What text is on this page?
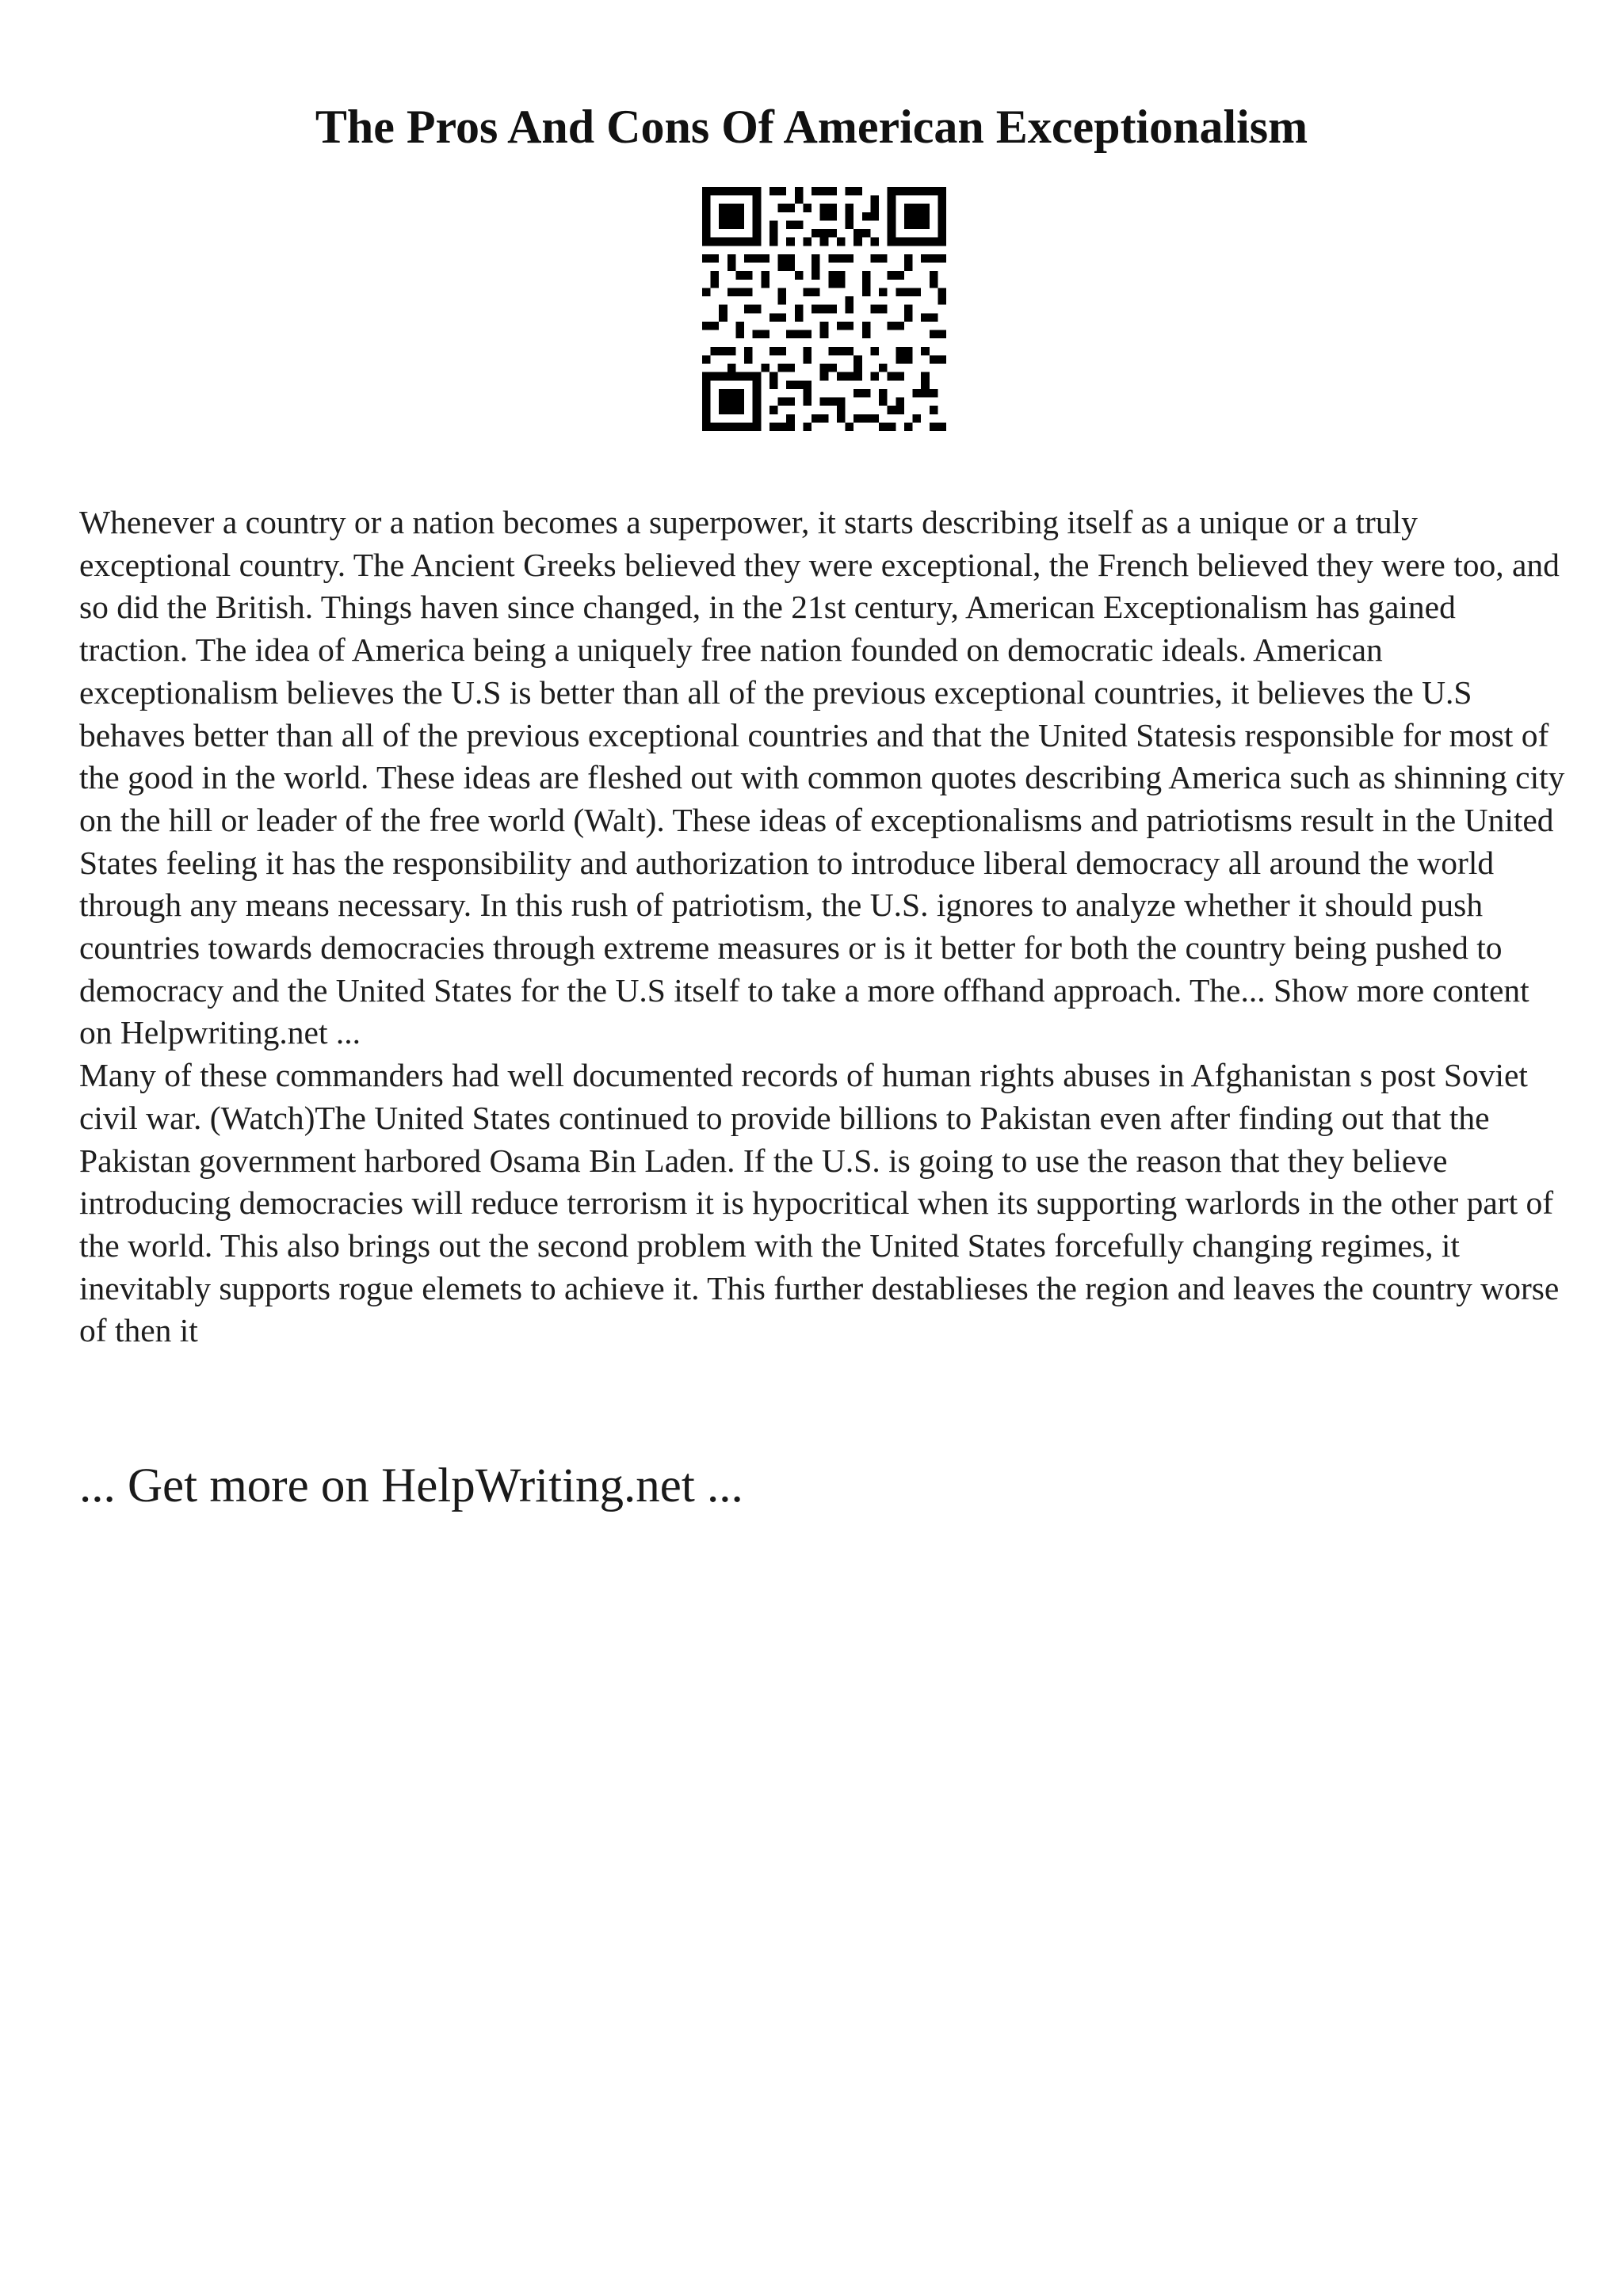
The Pros And Cons Of American Exceptionalism

Whenever a country or a nation becomes a superpower, it starts describing itself as a unique or a truly exceptional country. The Ancient Greeks believed they were exceptional, the French believed they were too, and so did the British. Things haven since changed, in the 21st century, American Exceptionalism has gained traction. The idea of America being a uniquely free nation founded on democratic ideals. American exceptionalism believes the U.S is better than all of the previous exceptional countries, it believes the U.S behaves better than all of the previous exceptional countries and that the United Statesis responsible for most of the good in the world. These ideas are fleshed out with common quotes describing America such as shinning city on the hill or leader of the free world (Walt). These ideas of exceptionalisms and patriotisms result in the United States feeling it has the responsibility and authorization to introduce liberal democracy all around the world through any means necessary. In this rush of patriotism, the U.S. ignores to analyze whether it should push countries towards democracies through extreme measures or is it better for both the country being pushed to democracy and the United States for the U.S itself to take a more offhand approach. The... Show more content on Helpwriting.net ...

Many of these commanders had well documented records of human rights abuses in Afghanistan s post Soviet civil war. (Watch)The United States continued to provide billions to Pakistan even after finding out that the Pakistan government harbored Osama Bin Laden. If the U.S. is going to use the reason that they believe introducing democracies will reduce terrorism it is hypocritical when its supporting warlords in the other part of the world. This also brings out the second problem with the United States forcefully changing regimes, it inevitably supports rogue elemets to achieve it. This further destablieses the region and leaves the country worse of then it

... Get more on HelpWriting.net ...
